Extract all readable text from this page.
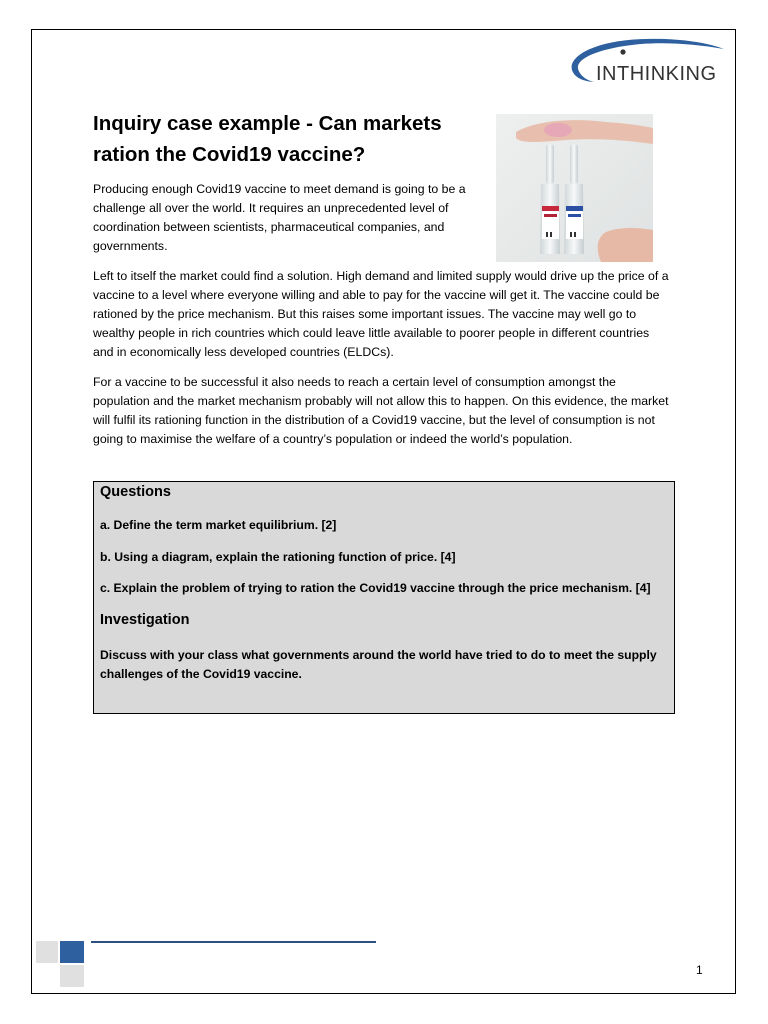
INTHINKING
Inquiry case example - Can markets ration the Covid19 vaccine?

Producing enough Covid19 vaccine to meet demand is going to be a challenge all over the world. It requires an unprecedented level of coordination between scientists, pharmaceutical companies, and governments.

Left to itself the market could find a solution. High demand and limited supply would drive up the price of a vaccine to a level where everyone willing and able to pay for the vaccine will get it. The vaccine could be rationed by the price mechanism. But this raises some important issues. The vaccine may well go to wealthy people in rich countries which could leave little available to poorer people in different countries and in economically less developed countries (ELDCs).

For a vaccine to be successful it also needs to reach a certain level of consumption amongst the population and the market mechanism probably will not allow this to happen. On this evidence, the market will fulfil its rationing function in the distribution of a Covid19 vaccine, but the level of consumption is not going to maximise the welfare of a country’s population or indeed the world’s population.

Questions

a. Define the term market equilibrium. [2]

b. Using a diagram, explain the rationing function of price. [4]

c. Explain the problem of trying to ration the Covid19 vaccine through the price mechanism. [4]

Investigation

Discuss with your class what governments around the world have tried to do to meet the supply challenges of the Covid19 vaccine.

1
